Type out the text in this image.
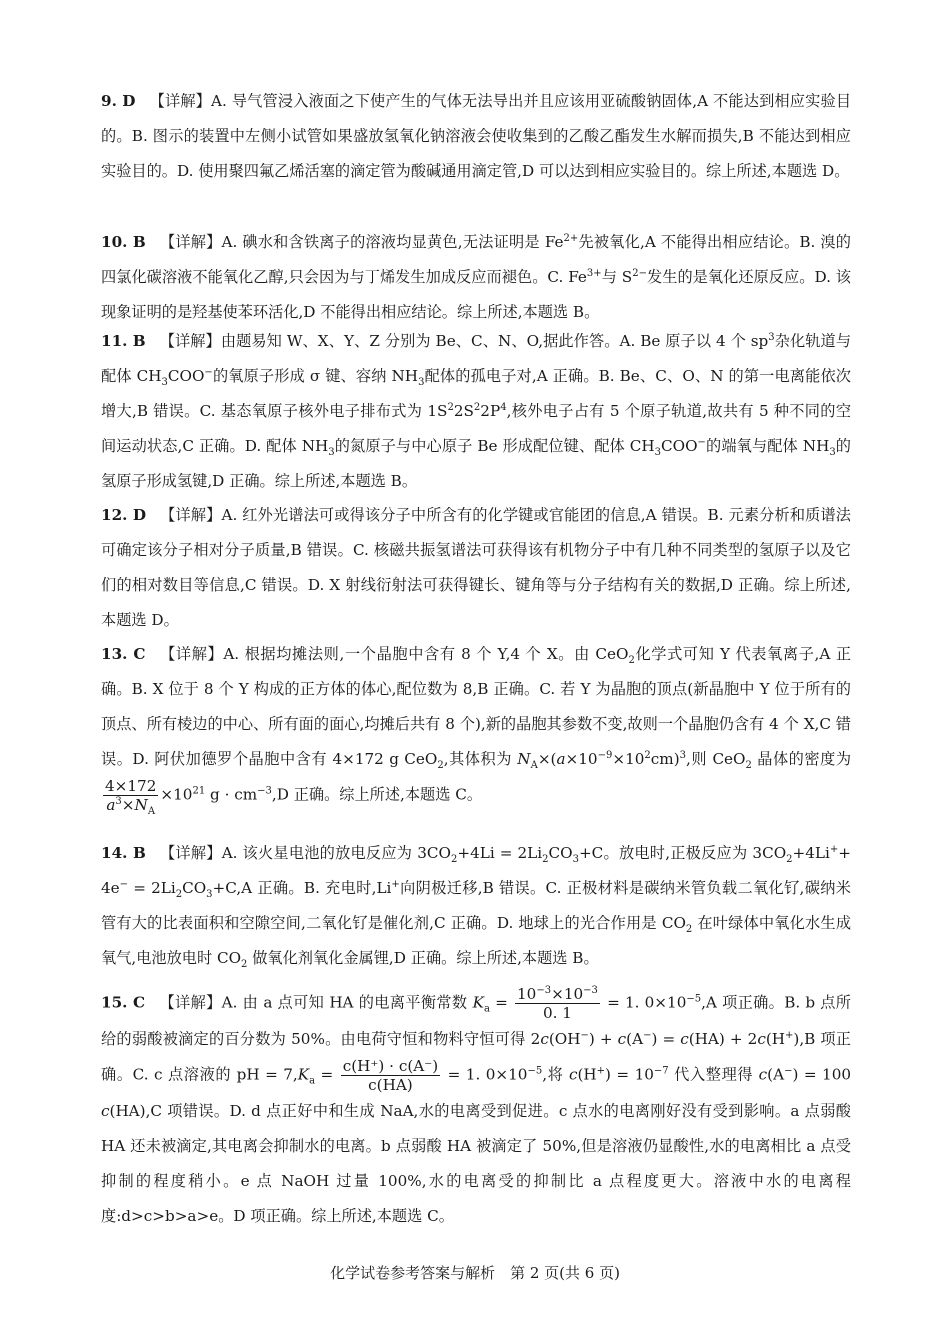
9. D 【详解】A. 导气管浸入液面之下使产生的气体无法导出并且应该用亚硫酸钠固体,A 不能达到相应实验目的。B. 图示的装置中左侧小试管如果盛放氢氧化钠溶液会使收集到的乙酸乙酯发生水解而损失,B 不能达到相应实验目的。D. 使用聚四氟乙烯活塞的滴定管为酸碱通用滴定管,D 可以达到相应实验目的。综上所述,本题选 D。

10. B 【详解】A. 碘水和含铁离子的溶液均显黄色,无法证明是 $Fe^{2+}$先被氧化,A 不能得出相应结论。B. 溴的四氯化碳溶液不能氧化乙醇,只会因为与丁烯发生加成反应而褪色。C. $Fe^{3+}$与 $S^{2-}$发生的是氧化还原反应。D. 该现象证明的是羟基使苯环活化,D 不能得出相应结论。综上所述,本题选 B。

11. B 【详解】由题易知 W、X、Y、Z 分别为 Be、C、N、O,据此作答。A. Be 原子以 4 个 $sp^3$杂化轨道与配体 $CH_3COO^-$的氧原子形成 σ 键、容纳 $NH_3$配体的孤电子对,A 正确。B. Be、C、O、N 的第一电离能依次增大,B 错误。C. 基态氧原子核外电子排布式为 $1S^22S^22P^4$,核外电子占有 5 个原子轨道,故共有 5 种不同的空间运动状态,C 正确。D. 配体 $NH_3$的氮原子与中心原子 Be 形成配位键、配体 $CH_3COO^-$的端氧与配体 $NH_3$的氢原子形成氢键,D 正确。综上所述,本题选 B。

12. D 【详解】A. 红外光谱法可或得该分子中所含有的化学键或官能团的信息,A 错误。B. 元素分析和质谱法可确定该分子相对分子质量,B 错误。C. 核磁共振氢谱法可获得该有机物分子中有几种不同类型的氢原子以及它们的相对数目等信息,C 错误。D. X 射线衍射法可获得键长、键角等与分子结构有关的数据,D 正确。综上所述,本题选 D。

13. C 【详解】A. 根据均摊法则,一个晶胞中含有 8 个 Y,4 个 X。由 CeO$_2$化学式可知 Y 代表氧离子,A 正确。B. X 位于 8 个 Y 构成的正方体的体心,配位数为 8,B 正确。C. 若 Y 为晶胞的顶点(新晶胞中 Y 位于所有的顶点、所有棱边的中心、所有面的面心,均摊后共有 8 个),新的晶胞其参数不变,故则一个晶胞仍含有 4 个 X,C 错误。D. 阿伏加德罗个晶胞中含有 4×172 g CeO$_2$,其体积为 $N_A\times(a\times 10^{-9}\times 10^2cm)^3$,则 CeO$_2$ 晶体的密度为
$\frac{4\times 172}{a^3\times N_A} \times 10^{21}$ $g \cdot cm^{-3},D$ 正确。综上所述,本题选 C。

14. B 【详解】A. 该火星电池的放电反应为 $3CO_2+4Li = 2Li_2CO_3+C$。放电时,正极反应为 $3CO_2+4Li^++ 4e^- = 2Li_2CO_3+C,A$ 正确。B. 充电时,Li+向阴极迁移,B 错误。C. 正极材料是碳纳米管负载二氧化钌,碳纳米管有大的比表面积和空隙空间,二氧化钌是催化剂,C 正确。D. 地球上的光合作用是 $CO_2$ 在叶绿体中氧化水生成氧气,电池放电时 $CO_2$ 做氧化剂氧化金属锂,D 正确。综上所述,本题选 B。

15. C 【详解】A. 由 a 点可知 HA 的电离平衡常数 $K_a = \frac{10^{-3}\times 10^{-3}}{0. 1} = 1$. $0\times 10^{-5},A$ 项正确。B. b 点所给的弱酸被滴定的百分数为 50%。由电荷守恒和物料守恒可得 2c(OH−) + c(A−) = c(HA) + 2c(H+),B 项正确。C. c 点溶液的 pH = $7,K_a = \frac{c(H^+) \cdot c(A^-)}{c(HA)} = 1$. $0\times 10^{-5}$,将 $c(H^+) = 10^{-7}$ 代入整理得 c(A−) = 100 c(HA),C 项错误。D. d 点正好中和生成 NaA,水的电离受到促进。c 点水的电离刚好没有受到影响。a 点弱酸 HA 还未被滴定,其电离会抑制水的电离。b 点弱酸 HA 被滴定了 50%,但是溶液仍显酸性,水的电离相比 a 点受抑制的程度稍小。e 点 NaOH 过量 100%,水的电离受的抑制比 a 点程度更大。溶液中水的电离程度:d>c>b>a>e。D 项正确。综上所述,本题选 C。

化学试卷参考答案与解析　第 2 页(共 6 页)
